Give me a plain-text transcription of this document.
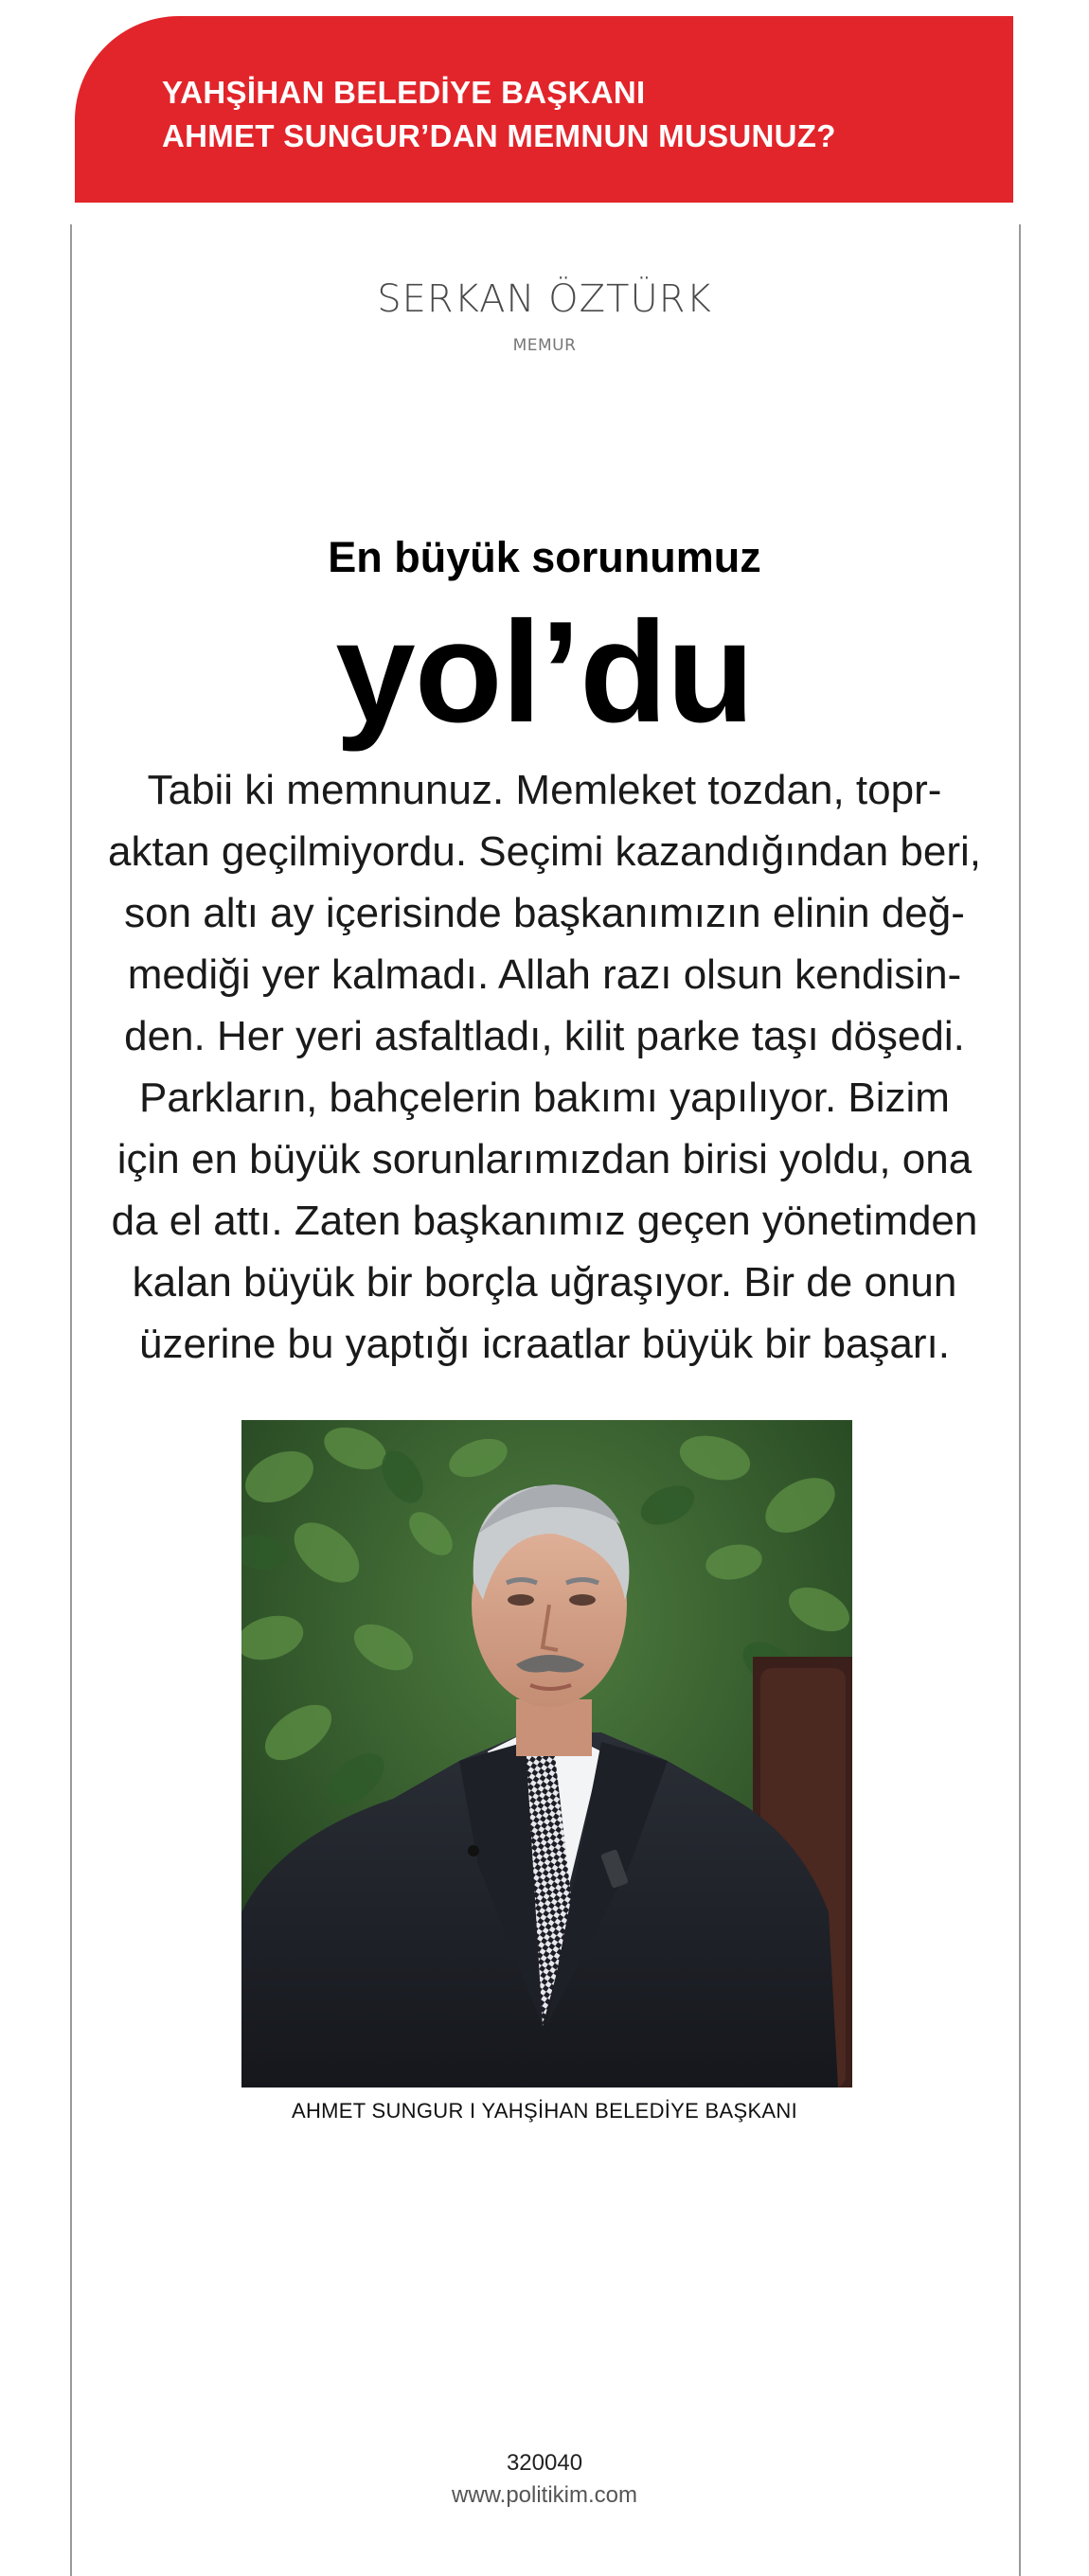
YAHŞİHAN BELEDİYE BAŞKANI
AHMET SUNGUR’DAN MEMNUN MUSUNUZ?
SERKAN ÖZTÜRK
MEMUR
En büyük sorunumuz
yol’du
Tabii ki memnunuz. Memleket tozdan, topr-
aktan geçilmiyordu. Seçimi kazandığından beri,
son altı ay içerisinde başkanımızın elinin değ-
mediği yer kalmadı. Allah razı olsun kendisin-
den. Her yeri asfaltladı, kilit parke taşı döşedi.
Parkların, bahçelerin bakımı yapılıyor. Bizim
için en büyük sorunlarımızdan birisi yoldu, ona
da el attı. Zaten başkanımız geçen yönetimden
kalan büyük bir borçla uğraşıyor. Bir de onun
üzerine bu yaptığı icraatlar büyük bir başarı.
AHMET SUNGUR I YAHŞİHAN BELEDİYE BAŞKANI
320040
www.politikim.com
